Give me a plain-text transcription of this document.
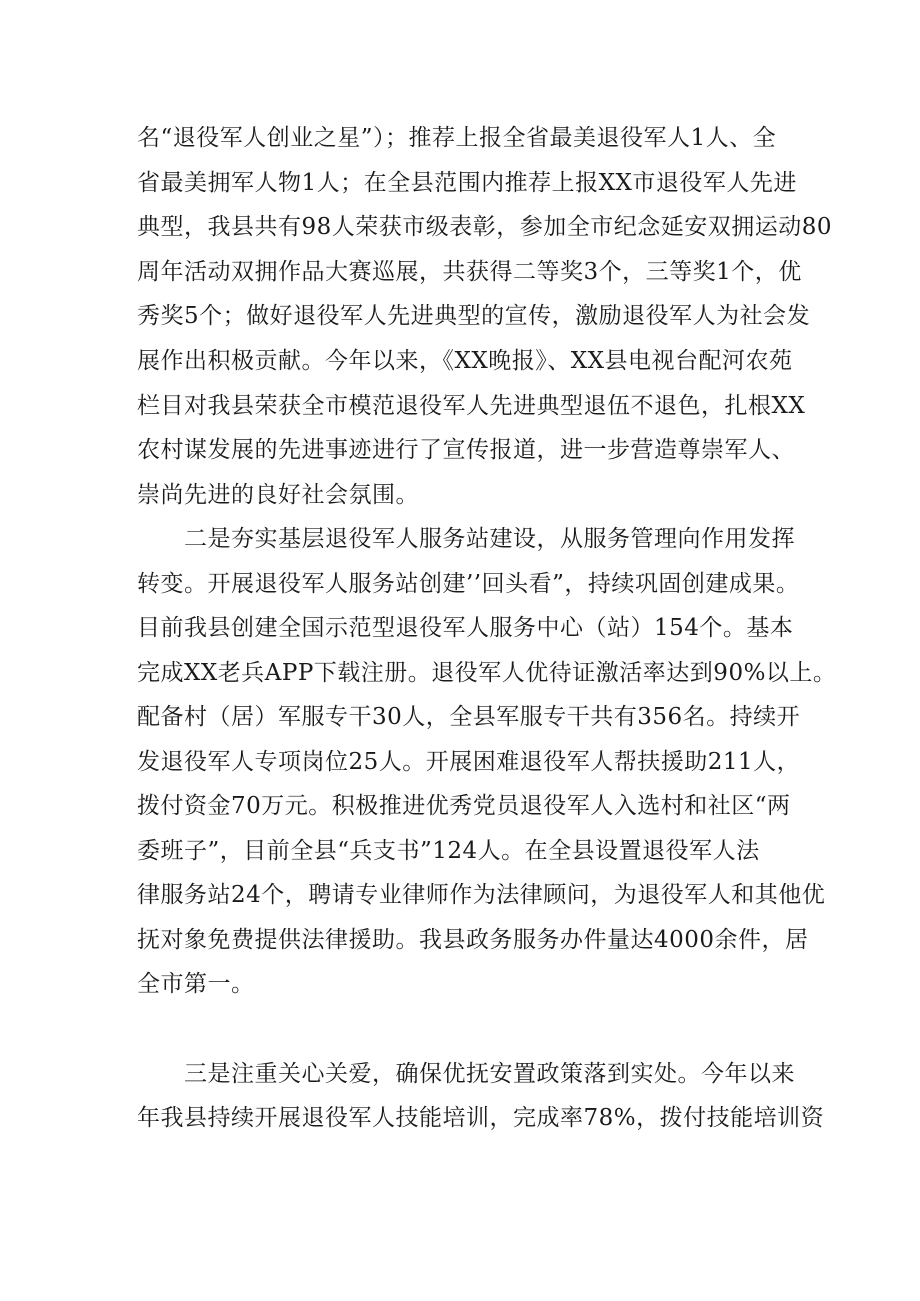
名“退役军人创业之星”）；推荐上报全省最美退役军人1人、全
省最美拥军人物1人；在全县范围内推荐上报XX市退役军人先进
典型，我县共有98人荣获市级表彰，参加全市纪念延安双拥运动80
周年活动双拥作品大赛巡展，共获得二等奖3个，三等奖1个，优
秀奖5个；做好退役军人先进典型的宣传，激励退役军人为社会发
展作出积极贡献。今年以来，《XX晚报》、XX县电视台配河农苑
栏目对我县荣获全市模范退役军人先进典型退伍不退色，扎根XX
农村谋发展的先进事迹进行了宣传报道，进一步营造尊崇军人、
崇尚先进的良好社会氛围。
　　二是夯实基层退役军人服务站建设，从服务管理向作用发挥
转变。开展退役军人服务站创建’’回头看”，持续巩固创建成果。
目前我县创建全国示范型退役军人服务中心（站）154个。基本
完成XX老兵APP下载注册。退役军人优待证激活率达到90%以上。
配备村（居）军服专干30人，全县军服专干共有356名。持续开
发退役军人专项岗位25人。开展困难退役军人帮扶援助211人，
拨付资金70万元。积极推进优秀党员退役军人入选村和社区“两
委班子”，目前全县“兵支书”124人。在全县设置退役军人法
律服务站24个，聘请专业律师作为法律顾问，为退役军人和其他优
抚对象免费提供法律援助。我县政务服务办件量达4000余件，居
全市第一。
　　三是注重关心关爱，确保优抚安置政策落到实处。今年以来
年我县持续开展退役军人技能培训，完成率78%，拨付技能培训资
